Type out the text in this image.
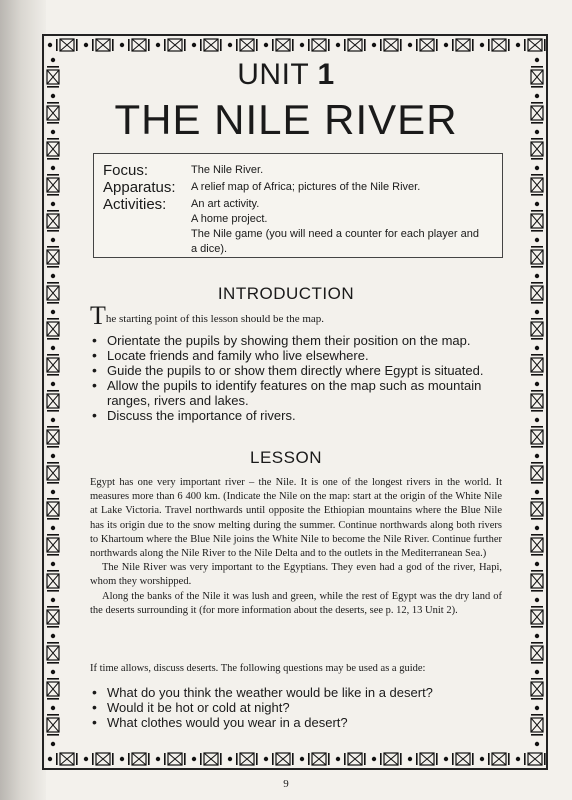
UNIT 1
THE NILE RIVER
Focus:	The Nile River.
Apparatus:	A relief map of Africa; pictures of the Nile River.
Activities:	An art activity.
A home project.
The Nile game (you will need a counter for each player and
a dice).
INTRODUCTION
The starting point of this lesson should be the map.
• Orientate the pupils by showing them their position on the map.
• Locate friends and family who live elsewhere.
• Guide the pupils to or show them directly where Egypt is situated.
• Allow the pupils to identify features on the map such as mountain ranges, rivers and lakes.
• Discuss the importance of rivers.
LESSON

Egypt has one very important river – the Nile. It is one of the longest rivers in the world. It measures more than 6 400 km. (Indicate the Nile on the map: start at the origin of the White Nile at Lake Victoria. Travel northwards until opposite the Ethiopian mountains where the Blue Nile has its origin due to the snow melting during the summer. Continue northwards along both rivers to Khartoum where the Blue Nile joins the White Nile to become the Nile River. Continue further northwards along the Nile River to the Nile Delta and to the outlets in the Mediterranean Sea.)

The Nile River was very important to the Egyptians. They even had a god of the river, Hapi, whom they worshipped.

Along the banks of the Nile it was lush and green, while the rest of Egypt was the dry land of the deserts surrounding it (for more information about the deserts, see p. 12, 13 Unit 2).

If time allows, discuss deserts. The following questions may be used as a guide:
• What do you think the weather would be like in a desert?
• Would it be hot or cold at night?
• What clothes would you wear in a desert?
9
